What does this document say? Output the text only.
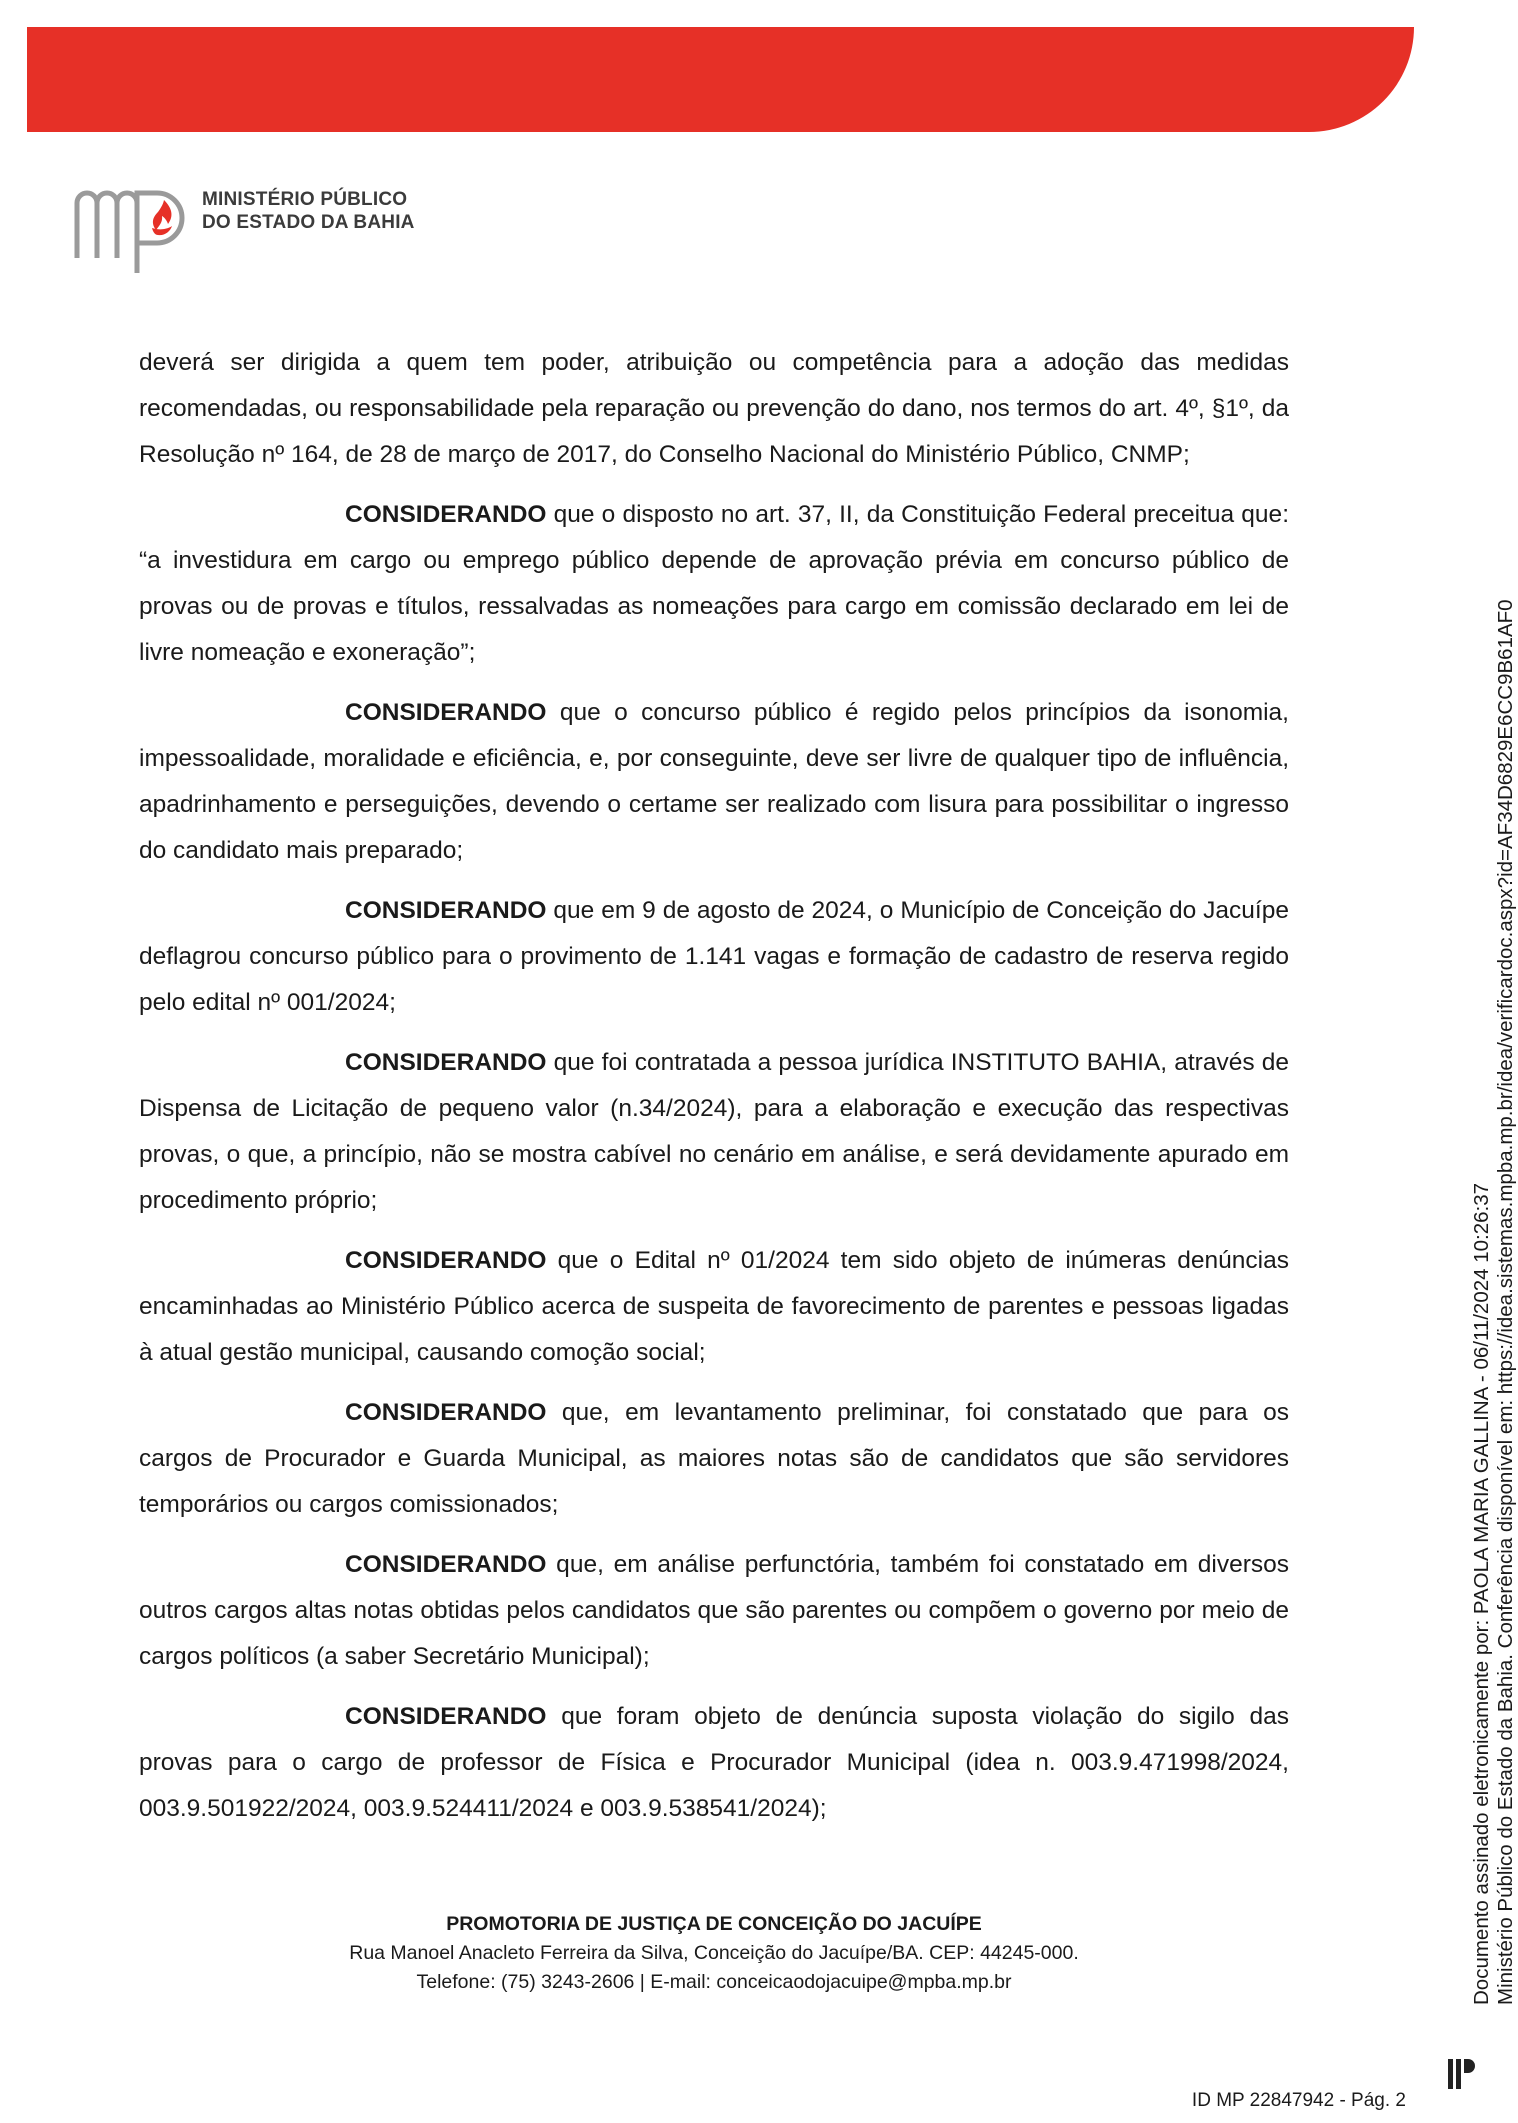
MINISTÉRIO PÚBLICO
DO ESTADO DA BAHIA

deverá ser dirigida a quem tem poder, atribuição ou competência para a adoção das medidas recomendadas, ou responsabilidade pela reparação ou prevenção do dano, nos termos do art. 4º, §1º, da Resolução nº 164, de 28 de março de 2017, do Conselho Nacional do Ministério Público, CNMP;

CONSIDERANDO que o disposto no art. 37, II, da Constituição Federal preceitua que: “a investidura em cargo ou emprego público depende de aprovação prévia em concurso público de provas ou de provas e títulos, ressalvadas as nomeações para cargo em comissão declarado em lei de livre nomeação e exoneração”;

CONSIDERANDO que o concurso público é regido pelos princípios da isonomia, impessoalidade, moralidade e eficiência, e, por conseguinte, deve ser livre de qualquer tipo de influência, apadrinhamento e perseguições, devendo o certame ser realizado com lisura para possibilitar o ingresso do candidato mais preparado;

CONSIDERANDO que em 9 de agosto de 2024, o Município de Conceição do Jacuípe deflagrou concurso público para o provimento de 1.141 vagas e formação de cadastro de reserva regido pelo edital nº 001/2024;

CONSIDERANDO que foi contratada a pessoa jurídica INSTITUTO BAHIA, através de Dispensa de Licitação de pequeno valor (n.34/2024), para a elaboração e execução das respectivas provas, o que, a princípio, não se mostra cabível no cenário em análise, e será devidamente apurado em procedimento próprio;

CONSIDERANDO que o Edital nº 01/2024 tem sido objeto de inúmeras denúncias encaminhadas ao Ministério Público acerca de suspeita de favorecimento de parentes e pessoas ligadas à atual gestão municipal, causando comoção social;

CONSIDERANDO que, em levantamento preliminar, foi constatado que para os cargos de Procurador e Guarda Municipal, as maiores notas são de candidatos que são servidores temporários ou cargos comissionados;

CONSIDERANDO que, em análise perfunctória, também foi constatado em diversos outros cargos altas notas obtidas pelos candidatos que são parentes ou compõem o governo por meio de cargos políticos (a saber Secretário Municipal);

CONSIDERANDO que foram objeto de denúncia suposta violação do sigilo das provas para o cargo de professor de Física e Procurador Municipal (idea n. 003.9.471998/2024, 003.9.501922/2024, 003.9.524411/2024 e 003.9.538541/2024);

PROMOTORIA DE JUSTIÇA DE CONCEIÇÃO DO JACUÍPE
Rua Manoel Anacleto Ferreira da Silva, Conceição do Jacuípe/BA. CEP: 44245-000.
Telefone: (75) 3243-2606 | E-mail: conceicaodojacuipe@mpba.mp.br	Documento assinado eletronicamente por: PAOLA MARIA GALLINA - 06/11/2024 10:26:37 Ministério Público do Estado da Bahia. Conferência disponível em: https://idea.sistemas.mpba.mp.br/idea/verificardoc.aspx?id=AF34D6829E6CC9B61AF0
ID MP 22847942 - Pág. 2
